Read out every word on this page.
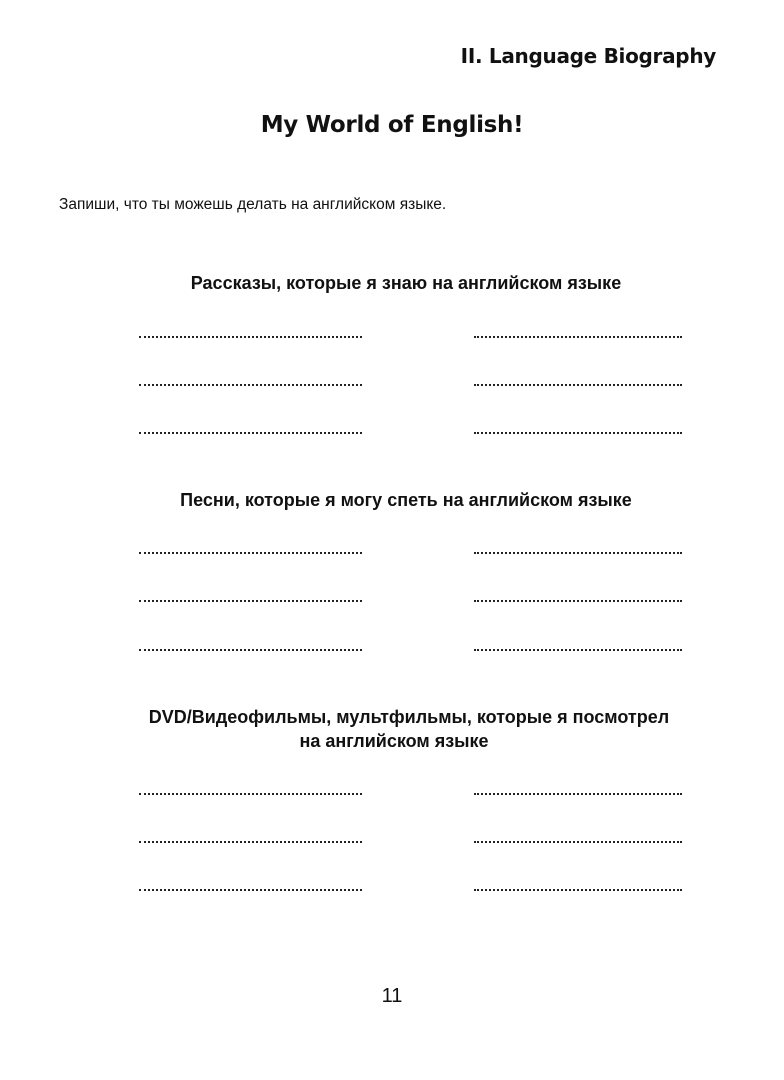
II. Language Biography
My World of English!
Запиши, что ты можешь делать на английском языке.
Рассказы, которые я знаю на английском языке
Песни, которые я могу спеть на английском языке
DVD/Видеофильмы, мультфильмы, которые я посмотрел
на английском языке
11
